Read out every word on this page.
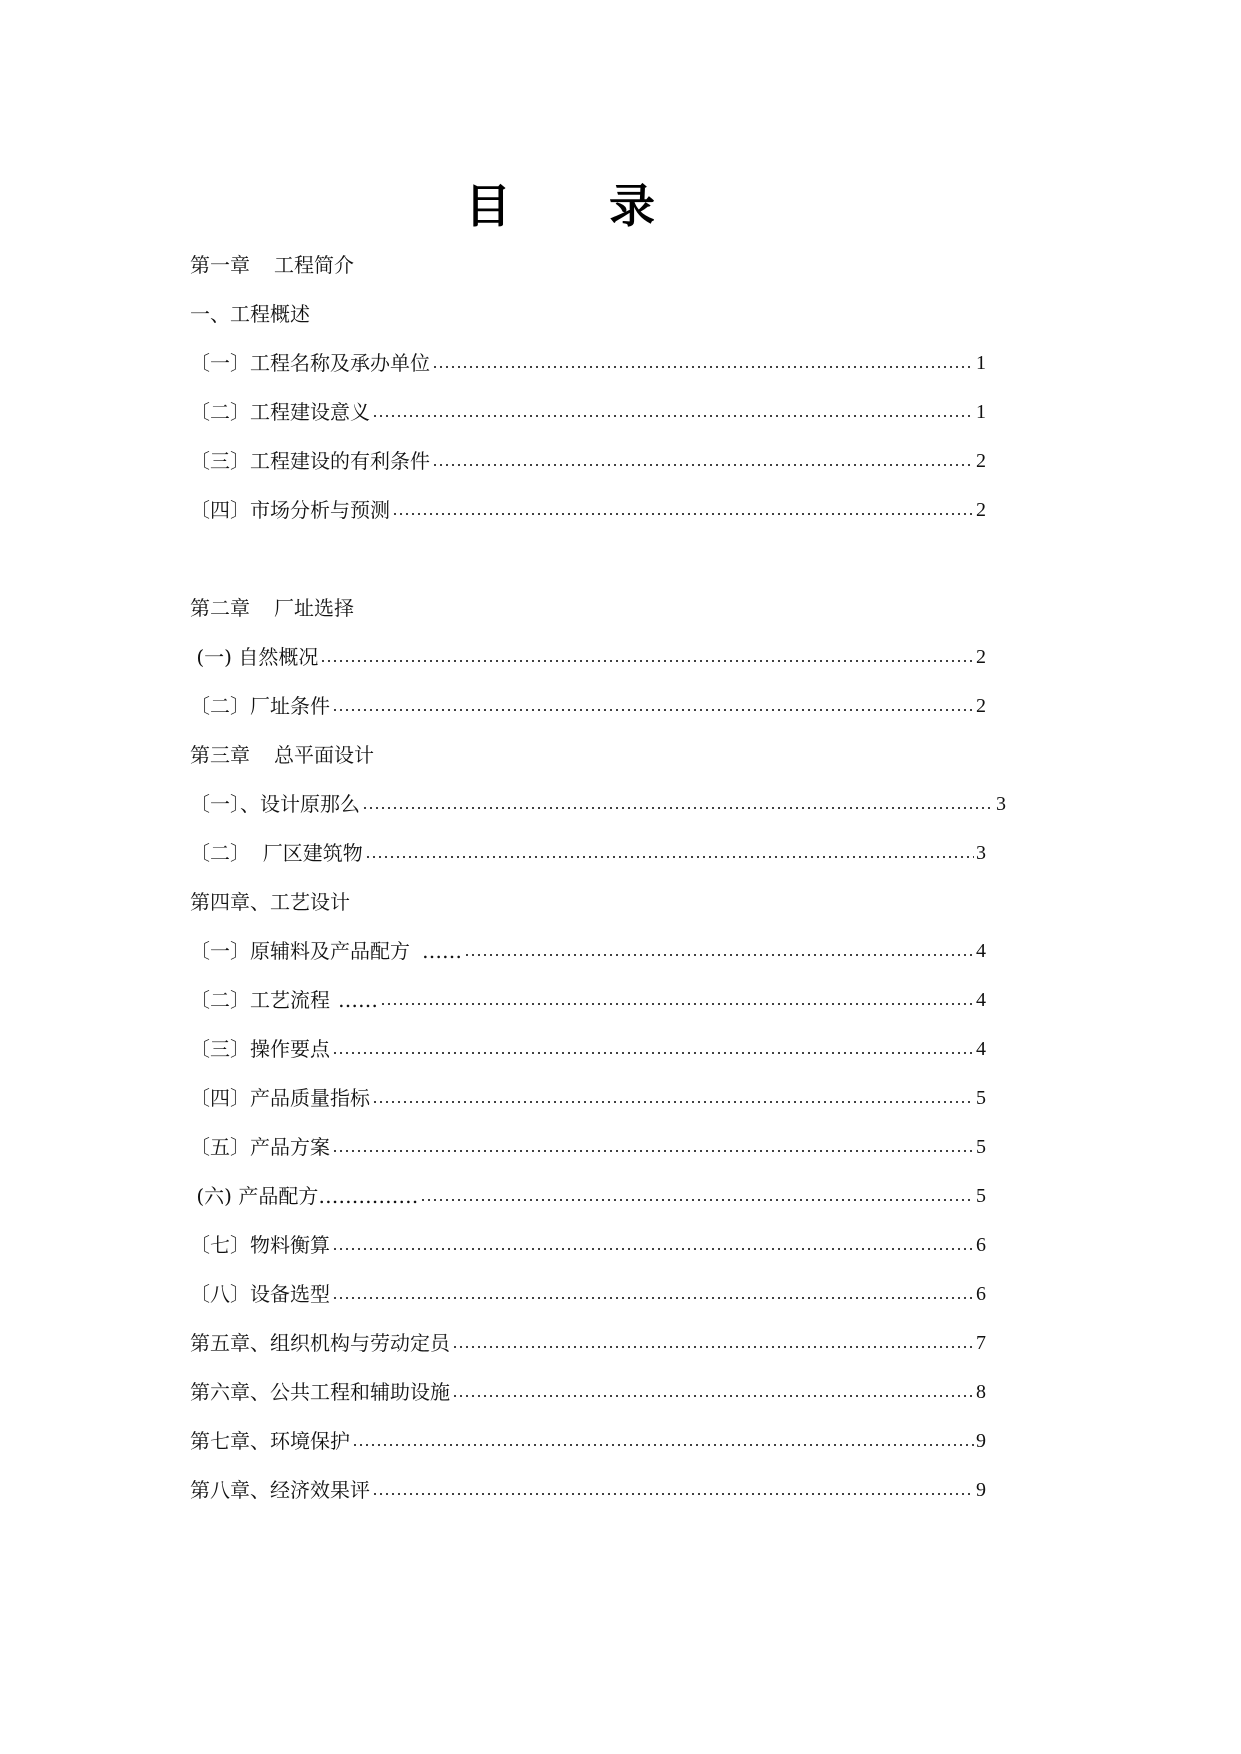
目 录
第一章 工程简介
一、工程概述
〔一〕工程名称及承办单位	1
〔二〕工程建设意义	1
〔三〕工程建设的有利条件	2
〔四〕市场分析与预测	2
第二章 厂址选择
(一) 自然概况	2
〔二〕厂址条件	2
第三章 总平面设计
〔一〕、设计原那么	3
〔二〕  厂区建筑物	3
第四章、工艺设计
〔一〕原辅料及产品配方 ……	4
〔二〕工艺流程 ……	4
〔三〕操作要点	4
〔四〕产品质量指标	5
〔五〕产品方案	5
(六) 产品配方 ……………	5
〔七〕物料衡算	6
〔八〕设备选型	6
第五章、组织机构与劳动定员	7
第六章、公共工程和辅助设施	8
第七章、环境保护	9
第八章、经济效果评	9
